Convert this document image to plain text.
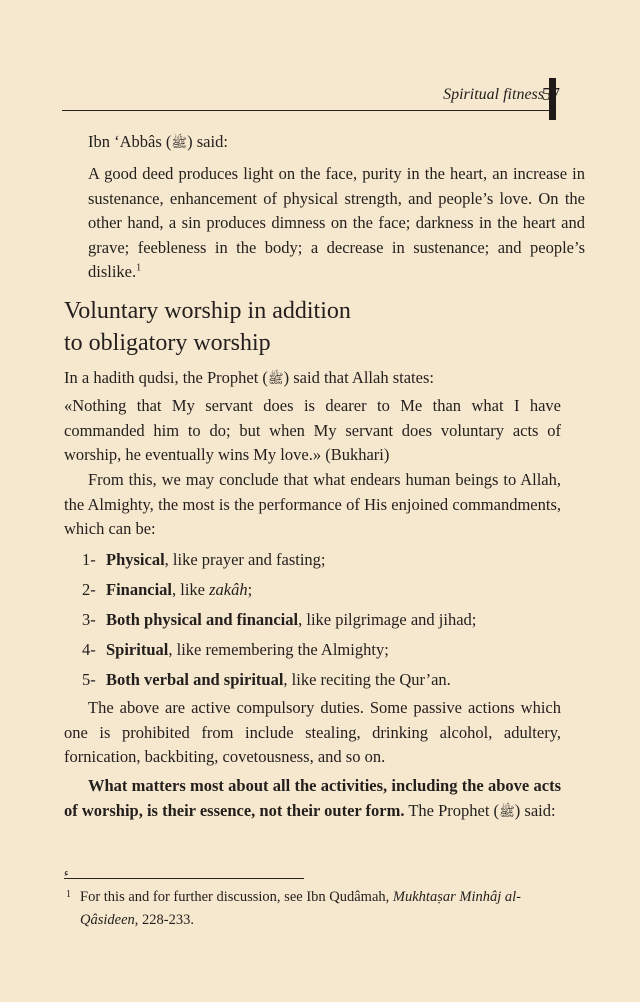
Spiritual fitness
57

Ibn ‘Abbâs (ﷺ) said:

A good deed produces light on the face, purity in the heart, an increase in sustenance, enhancement of physical strength, and people’s love. On the other hand, a sin produces dimness on the face; darkness in the heart and grave; feebleness in the body; a decrease in sustenance; and people’s dislike.$^1$

Voluntary worship in addition
to obligatory worship

In a hadith qudsi, the Prophet (ﷺ) said that Allah states:

«Nothing that My servant does is dearer to Me than what I have commanded him to do; but when My servant does voluntary acts of worship, he eventually wins My love.» (Bukhari)

From this, we may conclude that what endears human beings to Allah, the Almighty, the most is the performance of His enjoined commandments, which can be:

1- Physical, like prayer and fasting;
2- Financial, like zakâh;
3- Both physical and financial, like pilgrimage and jihad;
4- Spiritual, like remembering the Almighty;
5- Both verbal and spiritual, like reciting the Qur’an.

The above are active compulsory duties. Some passive actions which one is prohibited from include stealing, drinking alcohol, adultery, fornication, backbiting, covetousness, and so on.

What matters most about all the activities, including the above acts of worship, is their essence, not their outer form. The Prophet (ﷺ) said:

ء
1 For this and for further discussion, see Ibn Qudâmah, Mukhtaṣar Minhâj al-Qâsideen, 228-233.
